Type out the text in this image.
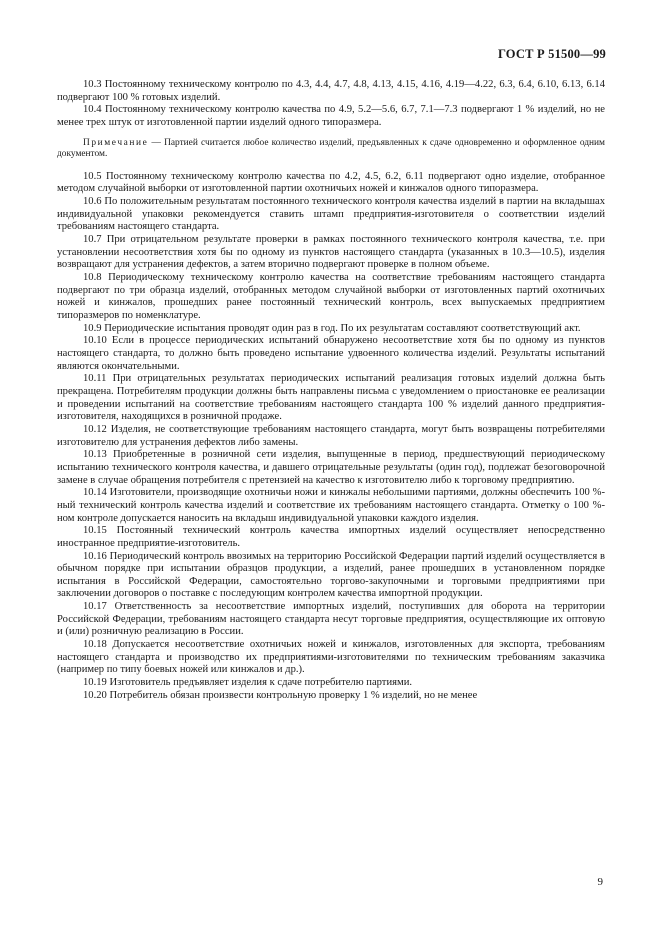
ГОСТ Р 51500—99

10.3 Постоянному техническому контролю по 4.3, 4.4, 4.7, 4.8, 4.13, 4.15, 4.16, 4.19—4.22, 6.3, 6.4, 6.10, 6.13, 6.14 подвергают 100 % готовых изделий.

10.4 Постоянному техническому контролю качества по 4.9, 5.2—5.6, 6.7, 7.1—7.3 подвергают 1 % изделий, но не менее трех штук от изготовленной партии изделий одного типоразмера.

Примечание — Партией считается любое количество изделий, предъявленных к сдаче одновременно и оформленное одним документом.

10.5 Постоянному техническому контролю качества по 4.2, 4.5, 6.2, 6.11 подвергают одно изделие, отобранное методом случайной выборки от изготовленной партии охотничьих ножей и кинжалов одного типоразмера.

10.6 По положительным результатам постоянного технического контроля качества изделий в партии на вкладышах индивидуальной упаковки рекомендуется ставить штамп предприятия-изготовителя о соответствии изделий требованиям настоящего стандарта.

10.7 При отрицательном результате проверки в рамках постоянного технического контроля качества, т.е. при установлении несоответствия хотя бы по одному из пунктов настоящего стандарта (указанных в 10.3—10.5), изделия возвращают для устранения дефектов, а затем вторично подвергают проверке в полном объеме.

10.8 Периодическому техническому контролю качества на соответствие требованиям настоящего стандарта подвергают по три образца изделий, отобранных методом случайной выборки от изготовленных партий охотничьих ножей и кинжалов, прошедших ранее постоянный технический контроль, всех выпускаемых предприятием типоразмеров по номенклатуре.

10.9 Периодические испытания проводят один раз в год. По их результатам составляют соответствующий акт.

10.10 Если в процессе периодических испытаний обнаружено несоответствие хотя бы по одному из пунктов настоящего стандарта, то должно быть проведено испытание удвоенного количества изделий. Результаты испытаний являются окончательными.

10.11 При отрицательных результатах периодических испытаний реализация готовых изделий должна быть прекращена. Потребителям продукции должны быть направлены письма с уведомлением о приостановке ее реализации и проведении испытаний на соответствие требованиям настоящего стандарта 100 % изделий данного предприятия-изготовителя, находящихся в розничной продаже.

10.12 Изделия, не соответствующие требованиям настоящего стандарта, могут быть возвращены потребителями изготовителю для устранения дефектов либо замены.

10.13 Приобретенные в розничной сети изделия, выпущенные в период, предшествующий периодическому испытанию технического контроля качества, и давшего отрицательные результаты (один год), подлежат безоговорочной замене в случае обращения потребителя с претензией на качество к изготовителю либо к торговому предприятию.

10.14 Изготовители, производящие охотничьи ножи и кинжалы небольшими партиями, должны обеспечить 100 %-ный технический контроль качества изделий и соответствие их требованиям настоящего стандарта. Отметку о 100 %-ном контроле допускается наносить на вкладыш индивидуальной упаковки каждого изделия.

10.15 Постоянный технический контроль качества импортных изделий осуществляет непосредственно иностранное предприятие-изготовитель.

10.16 Периодический контроль ввозимых на территорию Российской Федерации партий изделий осуществляется в обычном порядке при испытании образцов продукции, а изделий, ранее прошедших в установленном порядке испытания в Российской Федерации, самостоятельно торгово-закупочными и торговыми предприятиями при заключении договоров о поставке с последующим контролем качества импортной продукции.

10.17 Ответственность за несоответствие импортных изделий, поступивших для оборота на территории Российской Федерации, требованиям настоящего стандарта несут торговые предприятия, осуществляющие их оптовую и (или) розничную реализацию в России.

10.18 Допускается несоответствие охотничьих ножей и кинжалов, изготовленных для экспорта, требованиям настоящего стандарта и производство их предприятиями-изготовителями по техническим требованиям заказчика (например по типу боевых ножей или кинжалов и др.).

10.19 Изготовитель предъявляет изделия к сдаче потребителю партиями.

10.20 Потребитель обязан произвести контрольную проверку 1 % изделий, но не менее

9
